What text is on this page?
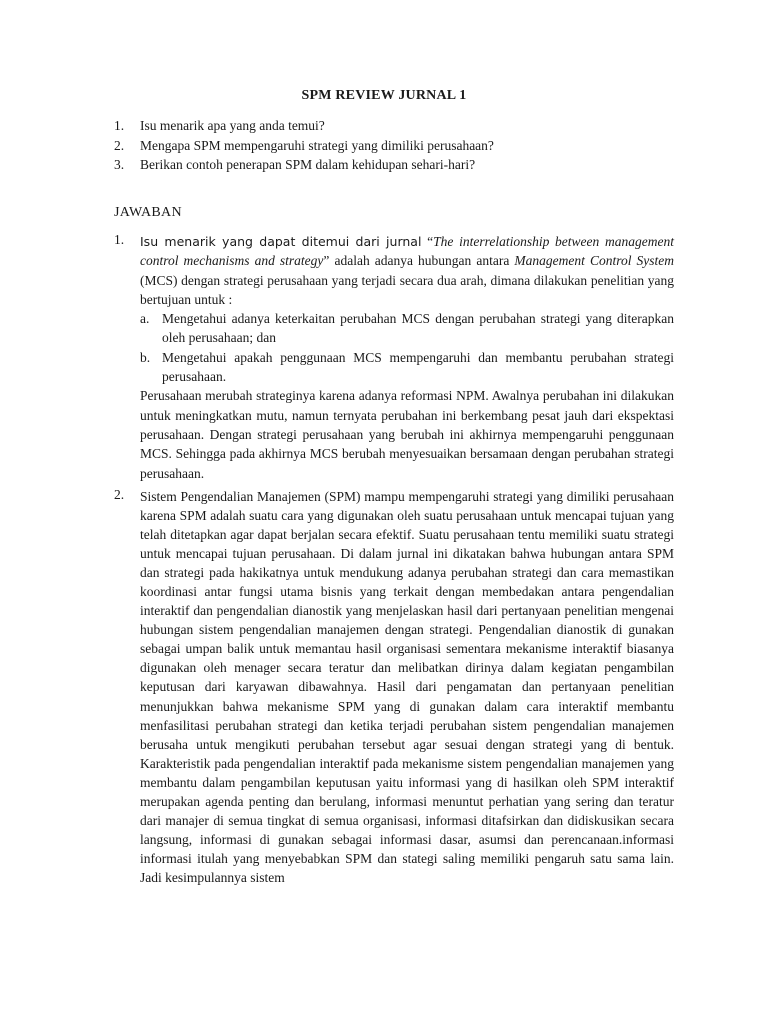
SPM REVIEW JURNAL 1
1.	Isu menarik apa yang anda temui?
2.	Mengapa SPM mempengaruhi strategi yang dimiliki perusahaan?
3.	Berikan contoh penerapan SPM dalam kehidupan sehari-hari?
JAWABAN
1.	Isu menarik yang dapat ditemui dari jurnal “The interrelationship between management control mechanisms and strategy” adalah adanya hubungan antara Management Control System (MCS) dengan strategi perusahaan yang terjadi secara dua arah, dimana dilakukan penelitian yang bertujuan untuk :

a. Mengetahui adanya keterkaitan perubahan MCS dengan perubahan strategi yang diterapkan oleh perusahaan; dan
b. Mengetahui apakah penggunaan MCS mempengaruhi dan membantu perubahan strategi perusahaan.

Perusahaan merubah strateginya karena adanya reformasi NPM. Awalnya perubahan ini dilakukan untuk meningkatkan mutu, namun ternyata perubahan ini berkembang pesat jauh dari ekspektasi perusahaan. Dengan strategi perusahaan yang berubah ini akhirnya mempengaruhi penggunaan MCS. Sehingga pada akhirnya MCS berubah menyesuaikan bersamaan dengan perubahan strategi perusahaan.

2.	Sistem Pengendalian Manajemen (SPM) mampu mempengaruhi strategi yang dimiliki perusahaan karena SPM adalah suatu cara yang digunakan oleh suatu perusahaan untuk mencapai tujuan yang telah ditetapkan agar dapat berjalan secara efektif. Suatu perusahaan tentu memiliki suatu strategi untuk mencapai tujuan perusahaan. Di dalam jurnal ini dikatakan bahwa hubungan antara SPM dan strategi pada hakikatnya untuk mendukung adanya perubahan strategi dan cara memastikan koordinasi antar fungsi utama bisnis yang terkait dengan membedakan antara pengendalian interaktif dan pengendalian dianostik yang menjelaskan hasil dari pertanyaan penelitian mengenai hubungan sistem pengendalian manajemen dengan strategi. Pengendalian dianostik di gunakan sebagai umpan balik untuk memantau hasil organisasi sementara mekanisme interaktif biasanya digunakan oleh menager secara teratur dan melibatkan dirinya dalam kegiatan pengambilan keputusan dari karyawan dibawahnya. Hasil dari pengamatan dan pertanyaan penelitian menunjukkan bahwa mekanisme SPM yang di gunakan dalam cara interaktif membantu menfasilitasi perubahan strategi dan ketika terjadi perubahan sistem pengendalian manajemen berusaha untuk mengikuti perubahan tersebut agar sesuai dengan strategi yang di bentuk. Karakteristik pada pengendalian interaktif pada mekanisme sistem pengendalian manajemen yang membantu dalam pengambilan keputusan yaitu informasi yang di hasilkan oleh SPM interaktif merupakan agenda penting dan berulang, informasi menuntut perhatian yang sering dan teratur dari manajer di semua tingkat di semua organisasi, informasi ditafsirkan dan didiskusikan secara langsung, informasi di gunakan sebagai informasi dasar, asumsi dan perencanaan.informasi informasi itulah yang menyebabkan SPM dan stategi saling memiliki pengaruh satu sama lain. Jadi kesimpulannya sistem
